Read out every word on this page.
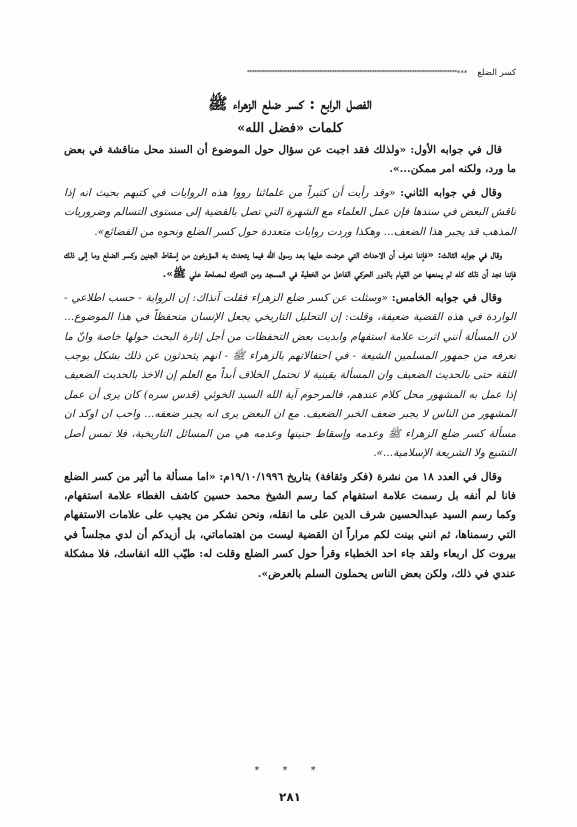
كسر الضلع
***
************************************************************************************
الفصل الرابع : كسر ضلع الزهراء ﷺ
كلمات «فضل الله»

قال في جوابه الأول: «ولذلك فقد اجبت عن سؤال حول الموضوع أن السند محل مناقشة في بعض ما ورد، ولكنه امر ممكن...».

وقال في جوابه الثاني: «وقد رأيت أن كثيراً من علمائنا رووا هذه الروايات في كتبهم بحيث انه إذا ناقش البعض في سندها فإن عمل العلماء مع الشهرة التي تصل بالقضية إلى مستوى التسالم وضروريات المذهب قد يجبر هذا الضعف... وهكذا وردت روايات متعددة حول كسر الضلع ونحوه من الفضائع».

وقال في جوابه الثالث: «فإننا نعرف أن الاحداث التي عرضت عليها بعد رسول الله فيما يتحدث به المؤرخون من إسقاط الجنين وكسر الضلع وما إلى ذلك فإننا نجد أن ذلك كله لم يمنعها عن القيام بالدور الحركي الفاعل من الخطبة في المسجد ومن التحرك لمصلحة علي ﷺ».

وقال في جوابه الخامس: «وسئلت عن كسر ضلع الزهراء فقلت آنذاك: إن الرواية - حسب اطلاعي - الواردة في هذه القضية ضعيفة، وقلت: إن التحليل التاريخي يجعل الإنسان متحفظاً في هذا الموضوع... لان المسألة أنني اثرت علامة استفهام وابديت بعض التحفظات من أجل إثارة البحث حولها خاصة وانّ ما نعرفه من جمهور المسلمين الشيعة - في احتفالاتهم بالزهراء ﷺ - انهم يتحدثون عن ذلك بشكل يوجب الثقة حتى بالحديث الضعيف وان المسألة يقينية لا تحتمل الخلاف أبداً مع العلم إن الاخذ بالحديث الضعيف إذا عمل به المشهور محل كلام عندهم، فالمرحوم آية الله السيد الخوئي (قدس سره) كان يرى أن عمل المشهور من الناس لا يجبر ضعف الخبر الضعيف. مع ان البعض يرى انه يجبر ضعفه... واحب ان اوكد ان مسألة كسر ضلع الزهراء ﷺ وعدمه وإسقاط جنينها وعدمه هي من المسائل التاريخية، فلا تمس أصل التشيع ولا الشريعة الإسلامية...».

وقال في العدد ١٨ من نشرة (فكر وثقافة) بتاريخ ١٩/١٠/١٩٩٦م: «اما مسألة ما أثير من كسر الضلع فانا لم أنفه بل رسمت علامة استفهام كما رسم الشيخ محمد حسين كاشف الغطاء علامة استفهام، وكما رسم السيد عبدالحسين شرف الدين على ما انقله، ونحن نشكر من يجيب على علامات الاستفهام التي رسمناها، ثم انني بينت لكم مراراً ان القضية ليست من اهتماماتي، بل أزيدكم أن لدي مجلساً في بيروت كل اربعاء ولقد جاء احد الخطباء وقرأ حول كسر الضلع وقلت له: طيّب الله انفاسك، فلا مشكلة عندي في ذلك، ولكن بعض الناس يحملون السلم بالعرض».

* * *
٢٨١
